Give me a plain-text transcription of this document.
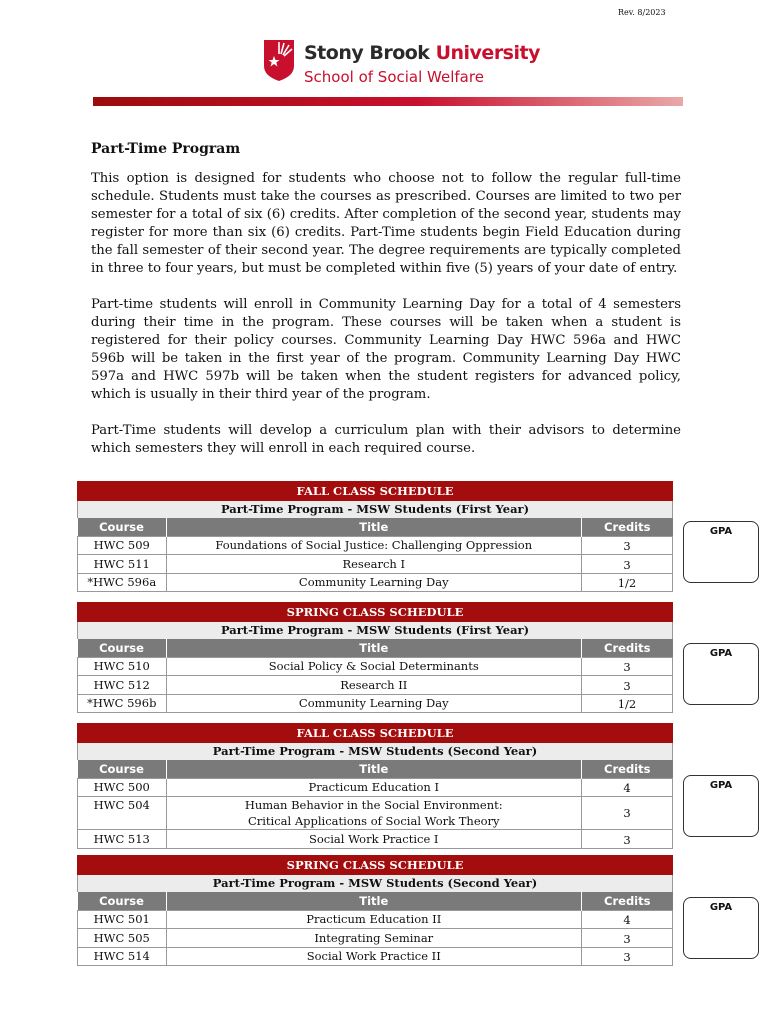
Rev. 8/2023
Stony Brook University
School of Social Welfare
Part-Time Program

This option is designed for students who choose not to follow the regular full-time schedule. Students must take the courses as prescribed. Courses are limited to two per semester for a total of six (6) credits. After completion of the second year, students may register for more than six (6) credits. Part-Time students begin Field Education during the fall semester of their second year. The degree requirements are typically completed in three to four years, but must be completed within five (5) years of your date of entry.

Part-time students will enroll in Community Learning Day for a total of 4 semesters during their time in the program. These courses will be taken when a student is registered for their policy courses. Community Learning Day HWC 596a and HWC 596b will be taken in the first year of the program. Community Learning Day HWC 597a and HWC 597b will be taken when the student registers for advanced policy, which is usually in their third year of the program.

Part-Time students will develop a curriculum plan with their advisors to determine which semesters they will enroll in each required course.

FALL CLASS SCHEDULE		
Part-Time Program - MSW Students (First Year)		
Course	Title	Credits
HWC 509	Foundations of Social Justice: Challenging Oppression	3
HWC 511	Research I	3
*HWC 596a	Community Learning Day	1/2
GPA
SPRING CLASS SCHEDULE		
Part-Time Program - MSW Students (First Year)		
Course	Title	Credits
HWC 510	Social Policy & Social Determinants	3
HWC 512	Research II	3
*HWC 596b	Community Learning Day	1/2
GPA
FALL CLASS SCHEDULE		
Part-Time Program - MSW Students (Second Year)		
Course	Title	Credits
HWC 500	Practicum Education I	4
HWC 504	Human Behavior in the Social Environment:
Critical Applications of Social Work Theory	3
HWC 513	Social Work Practice I	3
GPA
SPRING CLASS SCHEDULE		
Part-Time Program - MSW Students (Second Year)		
Course	Title	Credits
HWC 501	Practicum Education II	4
HWC 505	Integrating Seminar	3
HWC 514	Social Work Practice II	3
GPA
